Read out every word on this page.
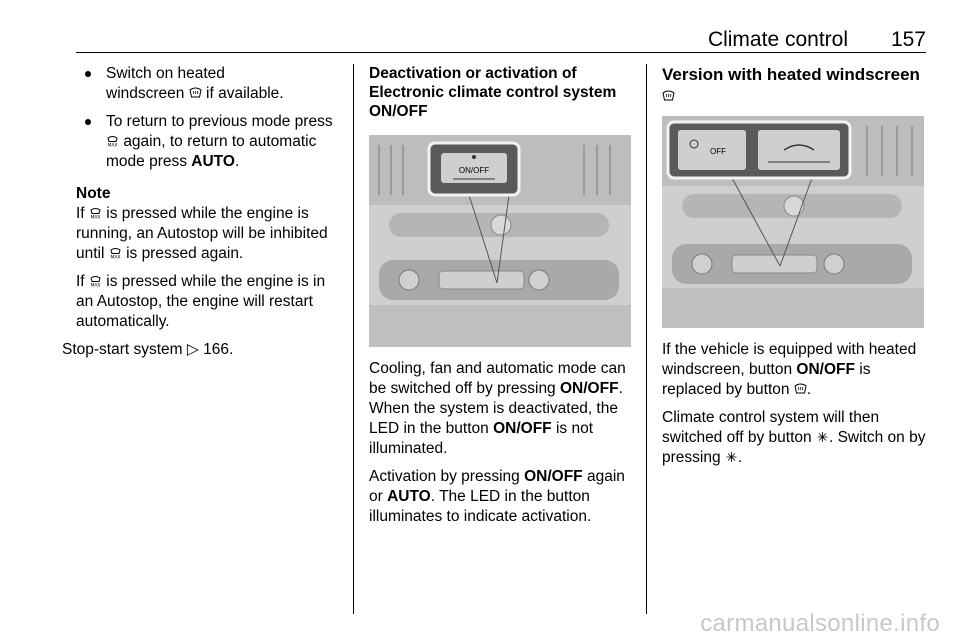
Climate control 157
Switch on heated
windscreen if available.
To return to previous mode press
again, to return to automatic
mode press AUTO.
Note

If is pressed while the engine is running, an Autostop will be inhibited until is pressed again.

If is pressed while the engine is in an Autostop, the engine will restart automatically.

Stop-start system ▷ 166.

Deactivation or activation of Electronic climate control system ON/OFF
ON/OFF

Cooling, fan and automatic mode can be switched off by pressing ON/OFF. When the system is deactivated, the LED in the button ON/OFF is not illuminated.

Activation by pressing ON/OFF again or AUTO. The LED in the button illuminates to indicate activation.

Version with heated windscreen
OFF

If the vehicle is equipped with heated windscreen, button ON/OFF is replaced by button .

Climate control system will then switched off by button . Switch on by pressing .

carmanualsonline.info
